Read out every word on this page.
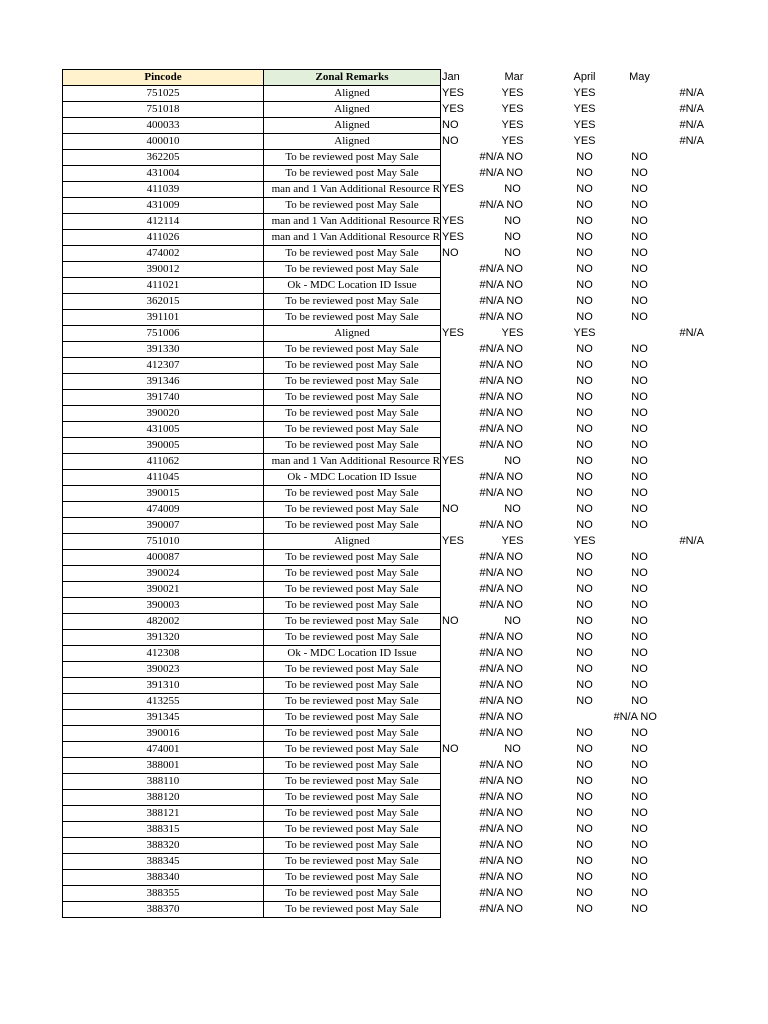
Pincode	Zonal Remarks	Jan	Mar	April	May	
751025	Aligned	YES	YES	YES		#N/A
751018	Aligned	YES	YES	YES		#N/A
400033	Aligned	NO	YES	YES		#N/A
400010	Aligned	NO	YES	YES		#N/A
362205	To be reviewed post May Sale		#N/A NO	NO	NO	
431004	To be reviewed post May Sale		#N/A NO	NO	NO	
411039	man and 1 Van Additional Resource R	YES	NO	NO	NO	
431009	To be reviewed post May Sale		#N/A NO	NO	NO	
412114	man and 1 Van Additional Resource R	YES	NO	NO	NO	
411026	man and 1 Van Additional Resource R	YES	NO	NO	NO	
474002	To be reviewed post May Sale	NO	NO	NO	NO	
390012	To be reviewed post May Sale		#N/A NO	NO	NO	
411021	Ok - MDC Location ID Issue		#N/A NO	NO	NO	
362015	To be reviewed post May Sale		#N/A NO	NO	NO	
391101	To be reviewed post May Sale		#N/A NO	NO	NO	
751006	Aligned	YES	YES	YES		#N/A
391330	To be reviewed post May Sale		#N/A NO	NO	NO	
412307	To be reviewed post May Sale		#N/A NO	NO	NO	
391346	To be reviewed post May Sale		#N/A NO	NO	NO	
391740	To be reviewed post May Sale		#N/A NO	NO	NO	
390020	To be reviewed post May Sale		#N/A NO	NO	NO	
431005	To be reviewed post May Sale		#N/A NO	NO	NO	
390005	To be reviewed post May Sale		#N/A NO	NO	NO	
411062	man and 1 Van Additional Resource R	YES	NO	NO	NO	
411045	Ok - MDC Location ID Issue		#N/A NO	NO	NO	
390015	To be reviewed post May Sale		#N/A NO	NO	NO	
474009	To be reviewed post May Sale	NO	NO	NO	NO	
390007	To be reviewed post May Sale		#N/A NO	NO	NO	
751010	Aligned	YES	YES	YES		#N/A
400087	To be reviewed post May Sale		#N/A NO	NO	NO	
390024	To be reviewed post May Sale		#N/A NO	NO	NO	
390021	To be reviewed post May Sale		#N/A NO	NO	NO	
390003	To be reviewed post May Sale		#N/A NO	NO	NO	
482002	To be reviewed post May Sale	NO	NO	NO	NO	
391320	To be reviewed post May Sale		#N/A NO	NO	NO	
412308	Ok - MDC Location ID Issue		#N/A NO	NO	NO	
390023	To be reviewed post May Sale		#N/A NO	NO	NO	
391310	To be reviewed post May Sale		#N/A NO	NO	NO	
413255	To be reviewed post May Sale		#N/A NO	NO	NO	
391345	To be reviewed post May Sale		#N/A NO		#N/A NO	
390016	To be reviewed post May Sale		#N/A NO	NO	NO	
474001	To be reviewed post May Sale	NO	NO	NO	NO	
388001	To be reviewed post May Sale		#N/A NO	NO	NO	
388110	To be reviewed post May Sale		#N/A NO	NO	NO	
388120	To be reviewed post May Sale		#N/A NO	NO	NO	
388121	To be reviewed post May Sale		#N/A NO	NO	NO	
388315	To be reviewed post May Sale		#N/A NO	NO	NO	
388320	To be reviewed post May Sale		#N/A NO	NO	NO	
388345	To be reviewed post May Sale		#N/A NO	NO	NO	
388340	To be reviewed post May Sale		#N/A NO	NO	NO	
388355	To be reviewed post May Sale		#N/A NO	NO	NO	
388370	To be reviewed post May Sale		#N/A NO	NO	NO	
